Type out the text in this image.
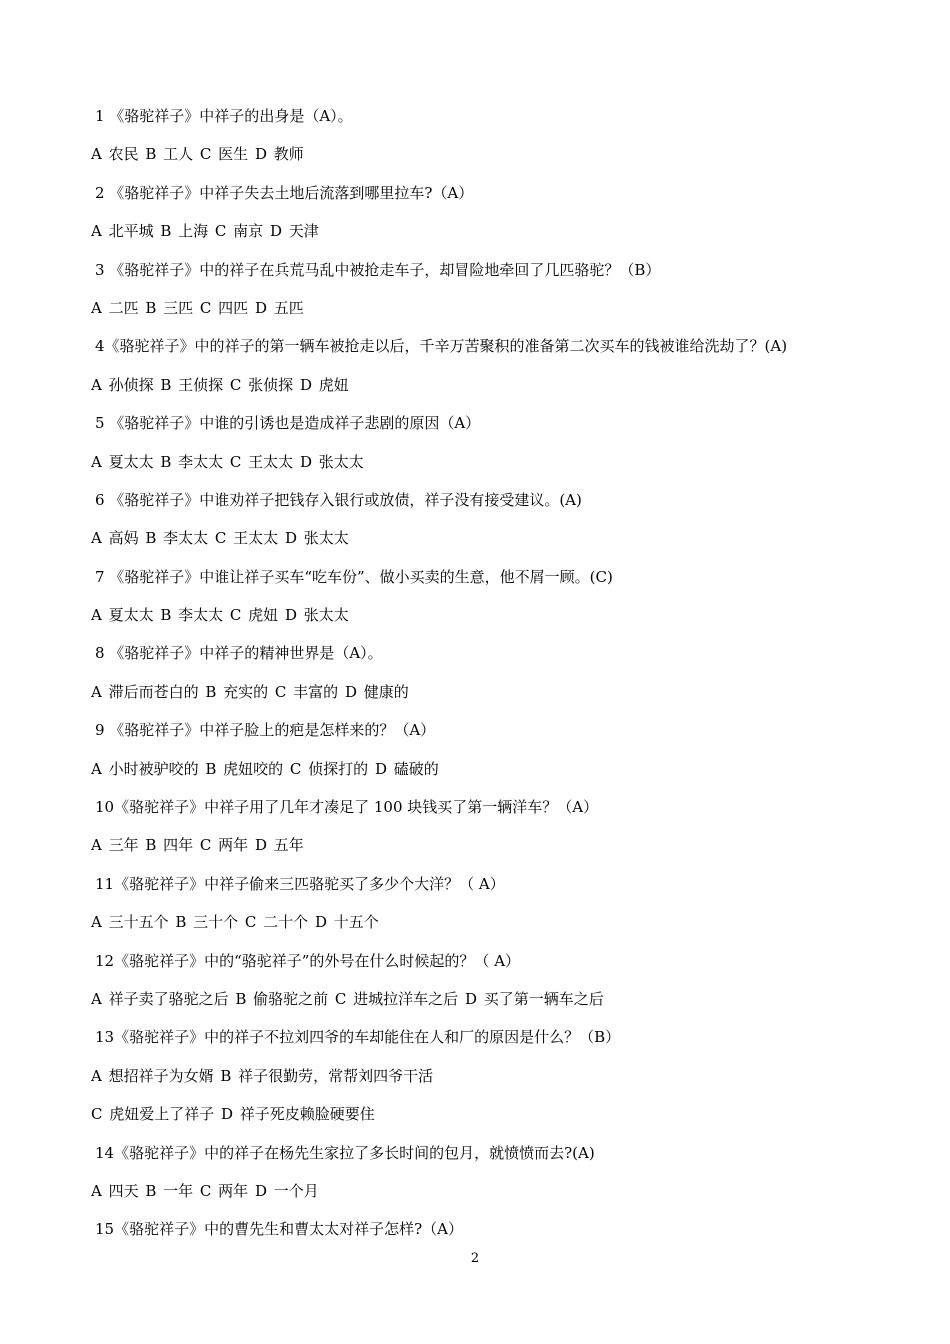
1 《骆驼祥子》中祥子的出身是（A）。
A 农民 B 工人 C 医生 D 教师
2 《骆驼祥子》中祥子失去土地后流落到哪里拉车?（A）
A 北平城 B 上海 C 南京 D 天津
3 《骆驼祥子》中的祥子在兵荒马乱中被抢走车子，却冒险地牵回了几匹骆驼？（B）
A 二匹 B 三匹 C 四匹 D 五匹
4《骆驼祥子》中的祥子的第一辆车被抢走以后，千辛万苦聚积的准备第二次买车的钱被谁给洗劫了？(A)
A 孙侦探 B 王侦探 C 张侦探 D 虎妞
5 《骆驼祥子》中谁的引诱也是造成祥子悲剧的原因（A）
A 夏太太 B 李太太 C 王太太 D 张太太
6 《骆驼祥子》中谁劝祥子把钱存入银行或放债，祥子没有接受建议。(A)
A 高妈 B 李太太 C 王太太 D 张太太
7 《骆驼祥子》中谁让祥子买车“吃车份”、做小买卖的生意，他不屑一顾。(C)
A 夏太太 B 李太太 C 虎妞 D 张太太
8 《骆驼祥子》中祥子的精神世界是（A）。
A 滞后而苍白的 B 充实的 C 丰富的 D 健康的
9 《骆驼祥子》中祥子脸上的疤是怎样来的？（A）
A 小时被驴咬的 B 虎妞咬的 C 侦探打的 D 磕破的
10《骆驼祥子》中祥子用了几年才凑足了 100 块钱买了第一辆洋车？（A）
A 三年 B 四年 C 两年 D 五年
11《骆驼祥子》中祥子偷来三匹骆驼买了多少个大洋？（ A）
A 三十五个 B 三十个 C 二十个 D 十五个
12《骆驼祥子》中的“骆驼祥子”的外号在什么时候起的？（ A）
A 祥子卖了骆驼之后 B 偷骆驼之前 C 进城拉洋车之后 D 买了第一辆车之后
13《骆驼祥子》中的祥子不拉刘四爷的车却能住在人和厂的原因是什么？（B）
A 想招祥子为女婿 B 祥子很勤劳，常帮刘四爷干活
C 虎妞爱上了祥子 D 祥子死皮赖脸硬要住
14《骆驼祥子》中的祥子在杨先生家拉了多长时间的包月，就愤愤而去?(A)
A 四天 B 一年 C 两年 D 一个月
15《骆驼祥子》中的曹先生和曹太太对祥子怎样?（A）
2
